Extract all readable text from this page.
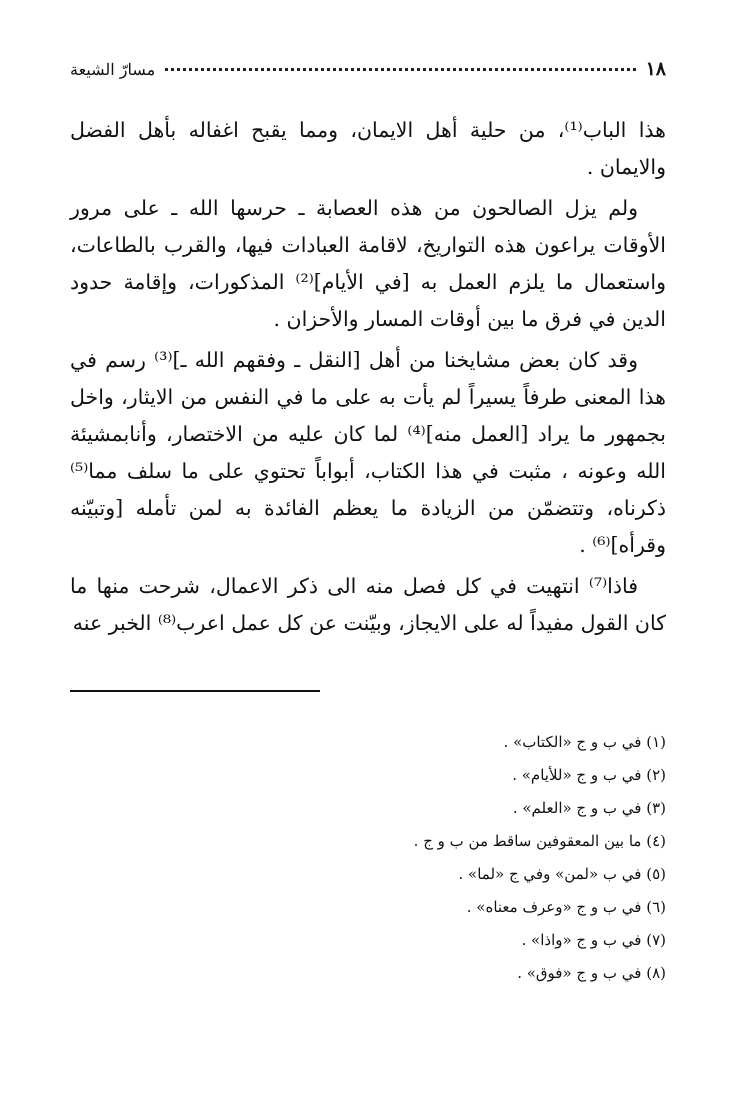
١٨
مسارّ الشيعة

هذا الباب⁽¹⁾، من حلية أهل الايمان، ومما يقبح اغفاله بأهل الفضل والايمان .

ولم يزل الصالحون من هذه العصابة ـ حرسها الله ـ على مرور الأوقات يراعون هذه التواريخ، لاقامة العبادات فيها، والقرب بالطاعات، واستعمال ما يلزم العمل به [في الأيام]⁽²⁾ المذكورات، وإقامة حدود الدين في فرق ما بين أوقات المسار والأحزان .

وقد كان بعض مشايخنا من أهل [النقل ـ وفقهم الله ـ]⁽³⁾ رسم في هذا المعنى طرفاً يسيراً لم يأت به على ما في النفس من الايثار، واخل بجمهور ما يراد [العمل منه]⁽⁴⁾ لما كان عليه من الاختصار، وأنابمشيئة الله وعونه ، مثبت في هذا الكتاب، أبواباً تحتوي على ما سلف مما⁽⁵⁾ ذكرناه، وتتضمّن من الزيادة ما يعظم الفائدة به لمن تأمله [وتبيّنه وقرأه]⁽⁶⁾ .

فاذا⁽⁷⁾ انتهيت في كل فصل منه الى ذكر الاعمال، شرحت منها ما كان القول مفيداً له على الايجاز، وبيّنت عن كل عمل اعرب⁽⁸⁾ الخبر عنه

(١) في ب و ج «الكتاب» .
(٢) في ب و ج «للأيام» .
(٣) في ب و ج «العلم» .
(٤) ما بين المعقوفين ساقط من ب و ج .
(٥) في ب «لمن» وفي ج «لما» .
(٦) في ب و ج «وعرف معناه» .
(٧) في ب و ج «واذا» .
(٨) في ب و ج «فوق» .
